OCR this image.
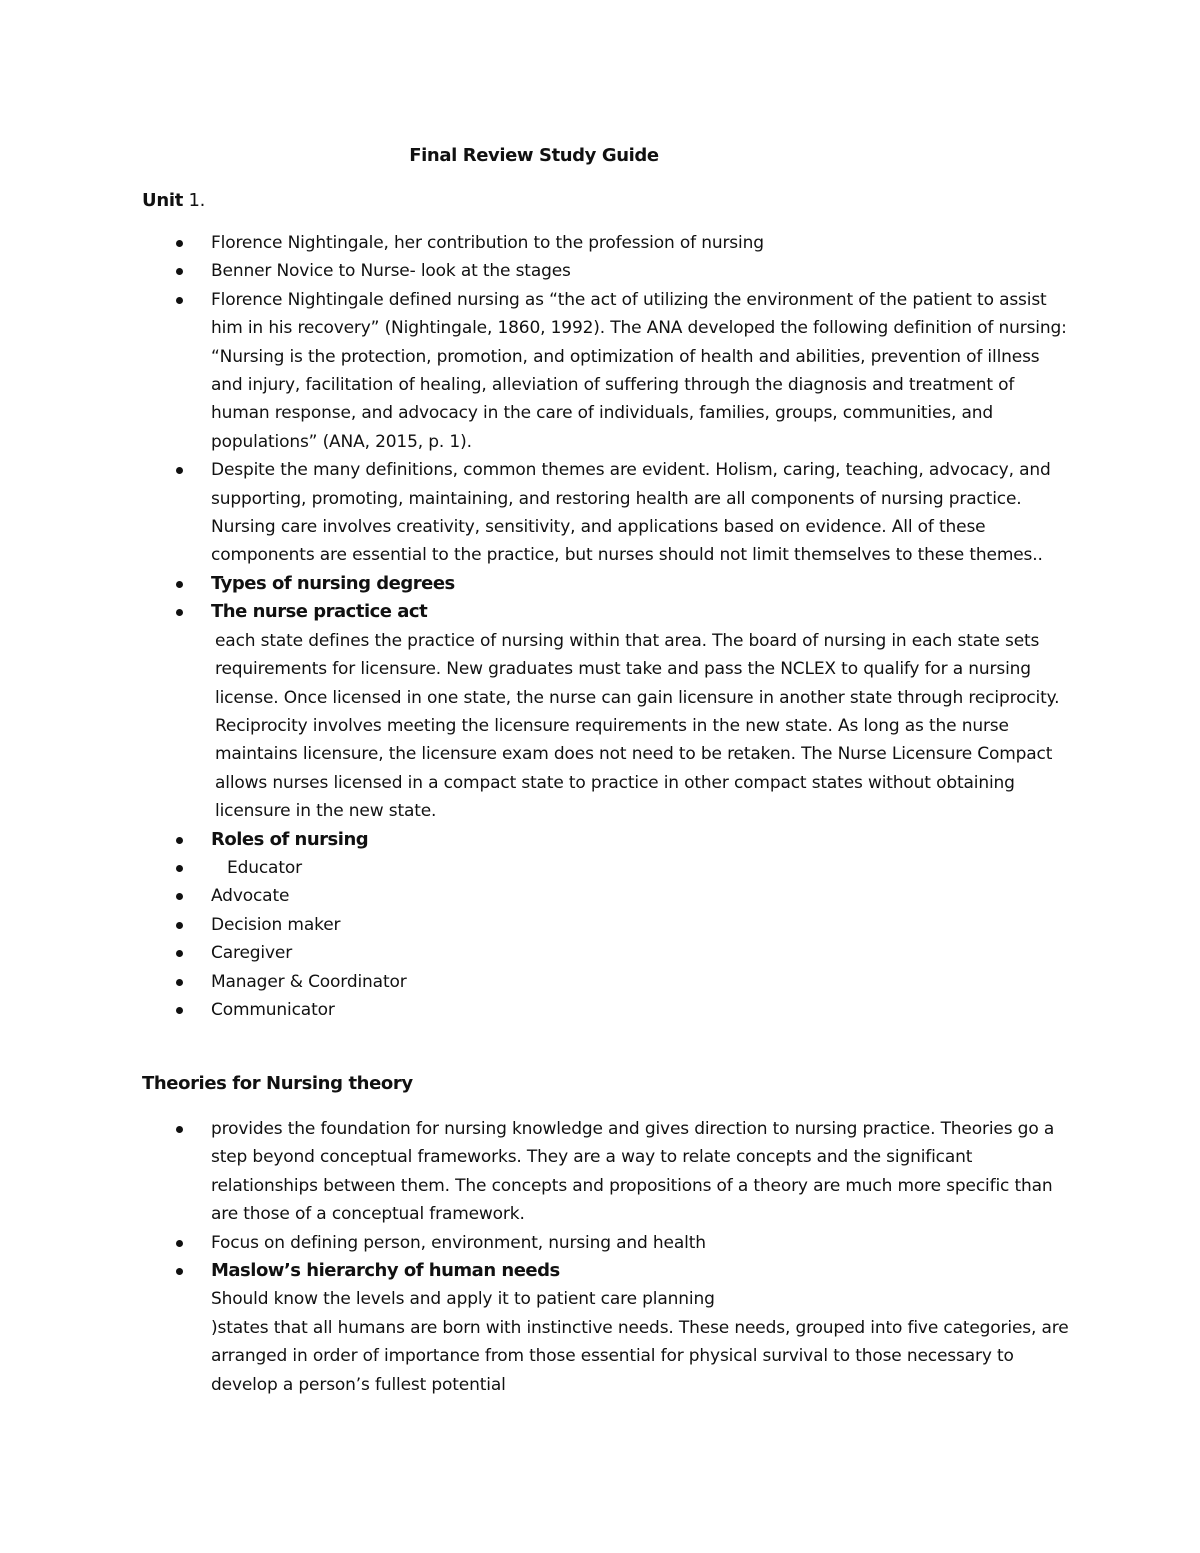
Final Review Study Guide
Unit 1.
Florence Nightingale, her contribution to the profession of nursing
Benner Novice to Nurse- look at the stages
Florence Nightingale defined nursing as “the act of utilizing the environment of the patient to assist him in his recovery” (Nightingale, 1860, 1992). The ANA developed the following definition of nursing: “Nursing is the protection, promotion, and optimization of health and abilities, prevention of illness and injury, facilitation of healing, alleviation of suffering through the diagnosis and treatment of human response, and advocacy in the care of individuals, families, groups, communities, and populations” (ANA, 2015, p. 1).
Despite the many definitions, common themes are evident. Holism, caring, teaching, advocacy, and supporting, promoting, maintaining, and restoring health are all components of nursing practice. Nursing care involves creativity, sensitivity, and applications based on evidence. All of these components are essential to the practice, but nurses should not limit themselves to these themes..
Types of nursing degrees
The nurse practice act
each state defines the practice of nursing within that area. The board of nursing in each state sets requirements for licensure. New graduates must take and pass the NCLEX to qualify for a nursing license. Once licensed in one state, the nurse can gain licensure in another state through reciprocity. Reciprocity involves meeting the licensure requirements in the new state. As long as the nurse maintains licensure, the licensure exam does not need to be retaken. The Nurse Licensure Compact allows nurses licensed in a compact state to practice in other compact states without obtaining licensure in the new state.
Roles of nursing
Educator
Advocate
Decision maker
Caregiver
Manager & Coordinator
Communicator
Theories for Nursing theory
provides the foundation for nursing knowledge and gives direction to nursing practice. Theories go a step beyond conceptual frameworks. They are a way to relate concepts and the significant relationships between them. The concepts and propositions of a theory are much more specific than are those of a conceptual framework.
Focus on defining person, environment, nursing and health
Maslow’s hierarchy of human needs
Should know the levels and apply it to patient care planning
)states that all humans are born with instinctive needs. These needs, grouped into five categories, are arranged in order of importance from those essential for physical survival to those necessary to develop a person’s fullest potential
